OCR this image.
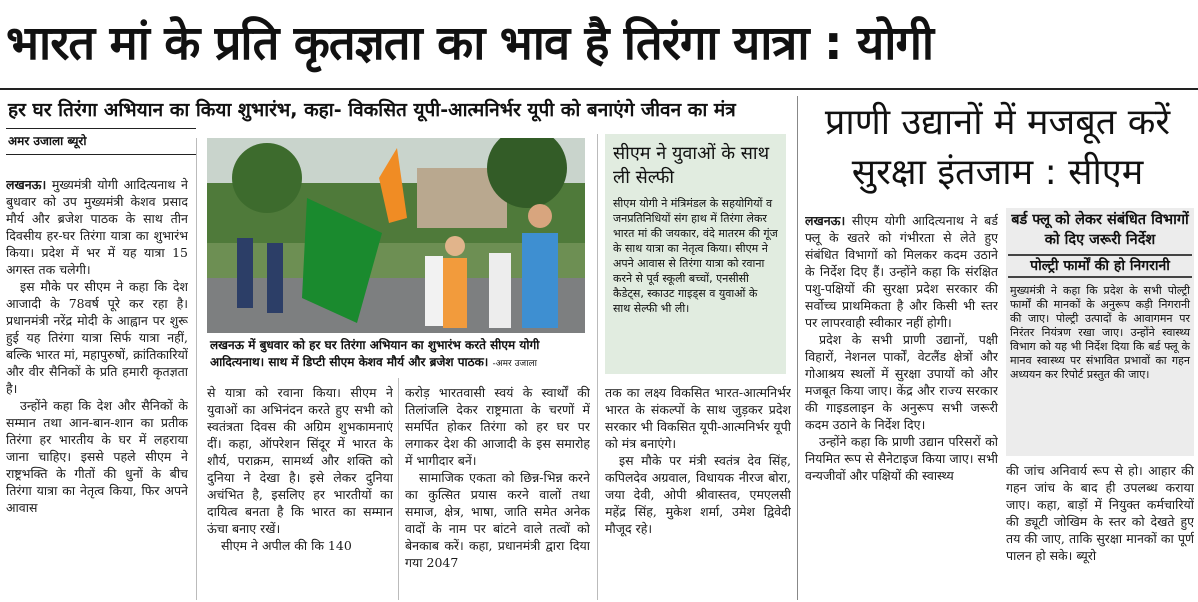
भारत मां के प्रति कृतज्ञता का भाव है तिरंगा यात्रा : योगी
हर घर तिरंगा अभियान का किया शुभारंभ, कहा- विकसित यूपी-आत्मनिर्भर यूपी को बनाएंगे जीवन का मंत्र
अमर उजाला ब्यूरो

लखनऊ। मुख्यमंत्री योगी आदित्यनाथ ने बुधवार को उप मुख्यमंत्री केशव प्रसाद मौर्य और ब्रजेश पाठक के साथ तीन दिवसीय हर-घर तिरंगा यात्रा का शुभारंभ किया। प्रदेश में भर में यह यात्रा 15 अगस्त तक चलेगी।

इस मौके पर सीएम ने कहा कि देश आजादी के 78वर्ष पूरे कर रहा है। प्रधानमंत्री नरेंद्र मोदी के आह्वान पर शुरू हुई यह तिरंगा यात्रा सिर्फ यात्रा नहीं, बल्कि भारत मां, महापुरुषों, क्रांतिकारियों और वीर सैनिकों के प्रति हमारी कृतज्ञता है।

उन्होंने कहा कि देश और सैनिकों के सम्मान तथा आन-बान-शान का प्रतीक तिरंगा हर भारतीय के घर में लहराया जाना चाहिए। इससे पहले सीएम ने राष्ट्रभक्ति के गीतों की धुनों के बीच तिरंगा यात्रा का नेतृत्व किया, फिर अपने आवास

लखनऊ में बुधवार को हर घर तिरंगा अभियान का शुभारंभ करते सीएम योगी आदित्यनाथ। साथ में डिप्टी सीएम केशव मौर्य और ब्रजेश पाठक। -अमर उजाला

से यात्रा को रवाना किया। सीएम ने युवाओं का अभिनंदन करते हुए सभी को स्वतंत्रता दिवस की अग्रिम शुभकामनाएं दीं। कहा, ऑपरेशन सिंदूर में भारत के शौर्य, पराक्रम, सामर्थ्य और शक्ति को दुनिया ने देखा है। इसे लेकर दुनिया अचंभित है, इसलिए हर भारतीयों का दायित्व बनता है कि भारत का सम्मान ऊंचा बनाए रखें।

सीएम ने अपील की कि 140

करोड़ भारतवासी स्वयं के स्वार्थों की तिलांजलि देकर राष्ट्रमाता के चरणों में समर्पित होकर तिरंगा को हर घर पर लगाकर देश की आजादी के इस समारोह में भागीदार बनें।

सामाजिक एकता को छिन्न-भिन्न करने का कुत्सित प्रयास करने वालों तथा समाज, क्षेत्र, भाषा, जाति समेत अनेक वादों के नाम पर बांटने वाले तत्वों को बेनकाब करें। कहा, प्रधानमंत्री द्वारा दिया गया 2047

सीएम ने युवाओं के साथ ली सेल्फी
सीएम योगी ने मंत्रिमंडल के सहयोगियों व जनप्रतिनिधियों संग हाथ में तिरंगा लेकर भारत मां की जयकार, वंदे मातरम की गूंज के साथ यात्रा का नेतृत्व किया। सीएम ने अपने आवास से तिरंगा यात्रा को रवाना करने से पूर्व स्कूली बच्चों, एनसीसी कैडेट्स, स्काउट गाइड्स व युवाओं के साथ सेल्फी भी ली।

तक का लक्ष्य विकसित भारत-आत्मनिर्भर भारत के संकल्पों के साथ जुड़कर प्रदेश सरकार भी विकसित यूपी-आत्मनिर्भर यूपी को मंत्र बनाएंगे।

इस मौके पर मंत्री स्वतंत्र देव सिंह, कपिलदेव अग्रवाल, विधायक नीरज बोरा, जया देवी, ओपी श्रीवास्तव, एमएलसी महेंद्र सिंह, मुकेश शर्मा, उमेश द्विवेदी मौजूद रहे।

प्राणी उद्यानों में मजबूत करें सुरक्षा इंतजाम : सीएम

लखनऊ। सीएम योगी आदित्यनाथ ने बर्ड फ्लू के खतरे को गंभीरता से लेते हुए संबंधित विभागों को मिलकर कदम उठाने के निर्देश दिए हैं। उन्होंने कहा कि संरक्षित पशु-पक्षियों की सुरक्षा प्रदेश सरकार की सर्वोच्च प्राथमिकता है और किसी भी स्तर पर लापरवाही स्वीकार नहीं होगी।

प्रदेश के सभी प्राणी उद्यानों, पक्षी विहारों, नेशनल पार्कों, वेटलैंड क्षेत्रों और गोआश्रय स्थलों में सुरक्षा उपायों को और मजबूत किया जाए। केंद्र और राज्य सरकार की गाइडलाइन के अनुरूप सभी जरूरी कदम उठाने के निर्देश दिए।

उन्होंने कहा कि प्राणी उद्यान परिसरों को नियमित रूप से सैनेटाइज किया जाए। सभी वन्यजीवों और पक्षियों की स्वास्थ्य

बर्ड फ्लू को लेकर संबंधित विभागों को दिए जरूरी निर्देश
पोल्ट्री फार्मों की हो निगरानी
मुख्यमंत्री ने कहा कि प्रदेश के सभी पोल्ट्री फार्मों की मानकों के अनुरूप कड़ी निगरानी की जाए। पोल्ट्री उत्पादों के आवागमन पर निरंतर नियंत्रण रखा जाए। उन्होंने स्वास्थ्य विभाग को यह भी निर्देश दिया कि बर्ड फ्लू के मानव स्वास्थ्य पर संभावित प्रभावों का गहन अध्ययन कर रिपोर्ट प्रस्तुत की जाए।

की जांच अनिवार्य रूप से हो। आहार की गहन जांच के बाद ही उपलब्ध कराया जाए। कहा, बाड़ों में नियुक्त कर्मचारियों की ड्यूटी जोखिम के स्तर को देखते हुए तय की जाए, ताकि सुरक्षा मानकों का पूर्ण पालन हो सके। ब्यूरो
